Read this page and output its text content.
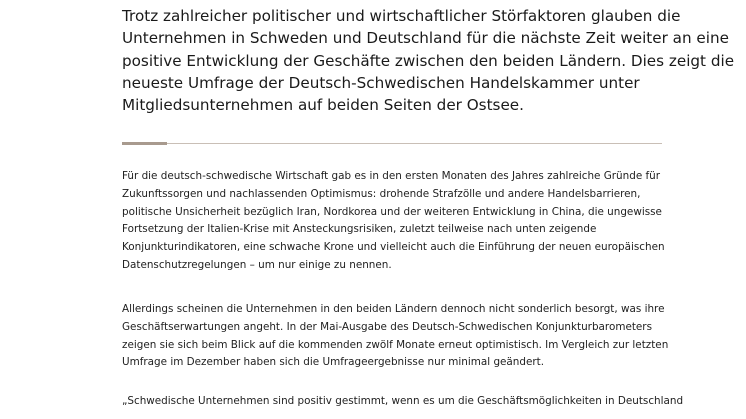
Trotz zahlreicher politischer und wirtschaftlicher Störfaktoren glauben die
Unternehmen in Schweden und Deutschland für die nächste Zeit weiter an eine
positive Entwicklung der Geschäfte zwischen den beiden Ländern. Dies zeigt die
neueste Umfrage der Deutsch-Schwedischen Handelskammer unter
Mitgliedsunternehmen auf beiden Seiten der Ostsee.

Für die deutsch-schwedische Wirtschaft gab es in den ersten Monaten des Jahres zahlreiche Gründe für
Zukunftssorgen und nachlassenden Optimismus: drohende Strafzölle und andere Handelsbarrieren,
politische Unsicherheit bezüglich Iran, Nordkorea und der weiteren Entwicklung in China, die ungewisse
Fortsetzung der Italien-Krise mit Ansteckungsrisiken, zuletzt teilweise nach unten zeigende
Konjunkturindikatoren, eine schwache Krone und vielleicht auch die Einführung der neuen europäischen
Datenschutzregelungen – um nur einige zu nennen.

Allerdings scheinen die Unternehmen in den beiden Ländern dennoch nicht sonderlich besorgt, was ihre
Geschäftserwartungen angeht. In der Mai-Ausgabe des Deutsch-Schwedischen Konjunkturbarometers
zeigen sie sich beim Blick auf die kommenden zwölf Monate erneut optimistisch. Im Vergleich zur letzten
Umfrage im Dezember haben sich die Umfrageergebnisse nur minimal geändert.

„Schwedische Unternehmen sind positiv gestimmt, wenn es um die Geschäftsmöglichkeiten in Deutschland
